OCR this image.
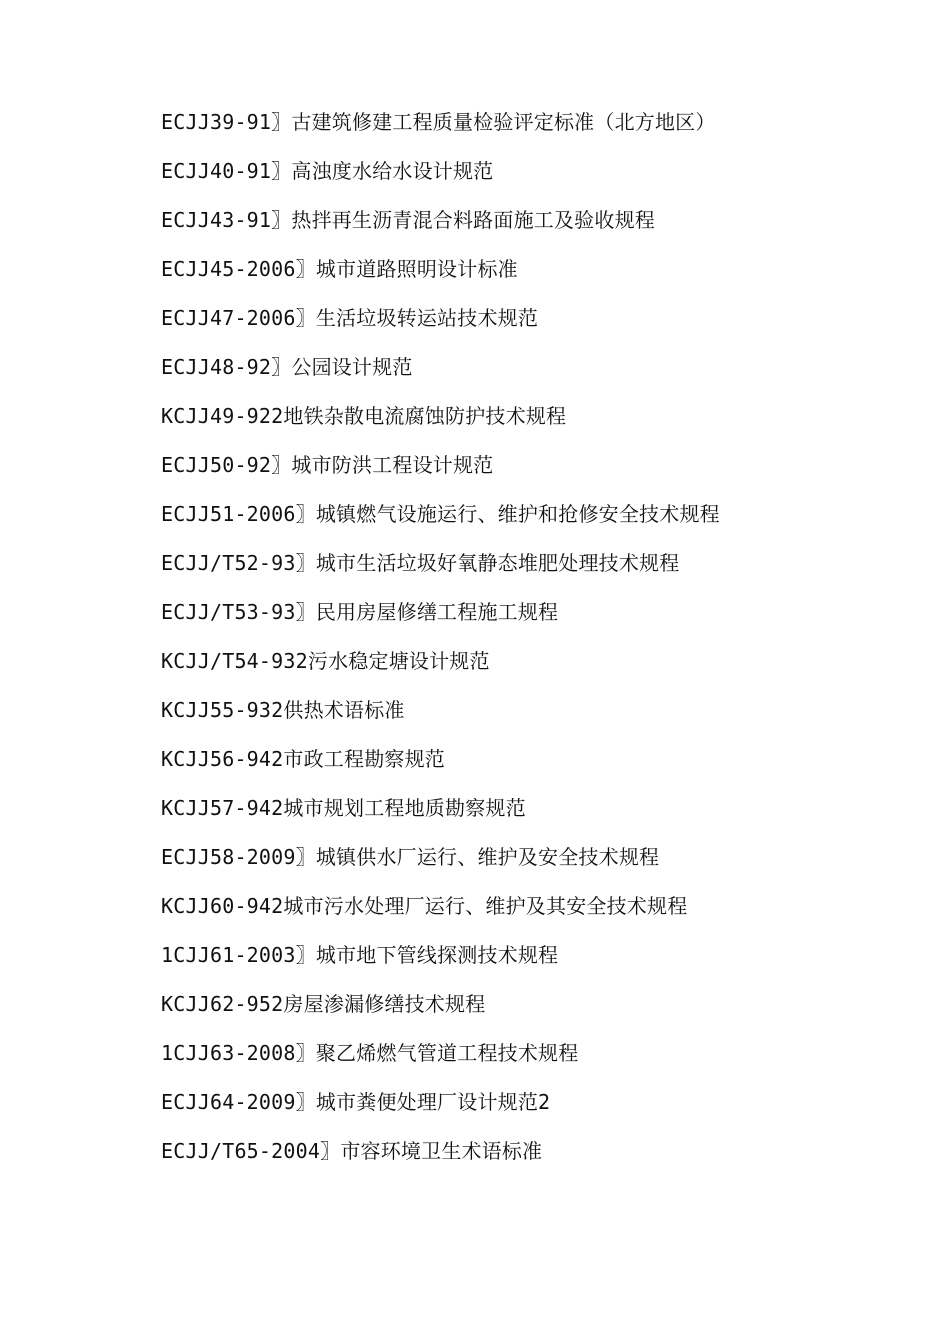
ECJJ39-91〗古建筑修建工程质量检验评定标准（北方地区）
ECJJ40-91〗高浊度水给水设计规范
ECJJ43-91〗热拌再生沥青混合料路面施工及验收规程
ECJJ45-2006〗城市道路照明设计标准
ECJJ47-2006〗生活垃圾转运站技术规范
ECJJ48-92〗公园设计规范
KCJJ49-922地铁杂散电流腐蚀防护技术规程
ECJJ50-92〗城市防洪工程设计规范
ECJJ51-2006〗城镇燃气设施运行、维护和抢修安全技术规程
ECJJ/T52-93〗城市生活垃圾好氧静态堆肥处理技术规程
ECJJ/T53-93〗民用房屋修缮工程施工规程
KCJJ/T54-932污水稳定塘设计规范
KCJJ55-932供热术语标准
KCJJ56-942市政工程勘察规范
KCJJ57-942城市规划工程地质勘察规范
ECJJ58-2009〗城镇供水厂运行、维护及安全技术规程
KCJJ60-942城市污水处理厂运行、维护及其安全技术规程
1CJJ61-2003〗城市地下管线探测技术规程
KCJJ62-952房屋渗漏修缮技术规程
1CJJ63-2008〗聚乙烯燃气管道工程技术规程
ECJJ64-2009〗城市粪便处理厂设计规范2
ECJJ/T65-2004〗市容环境卫生术语标准
